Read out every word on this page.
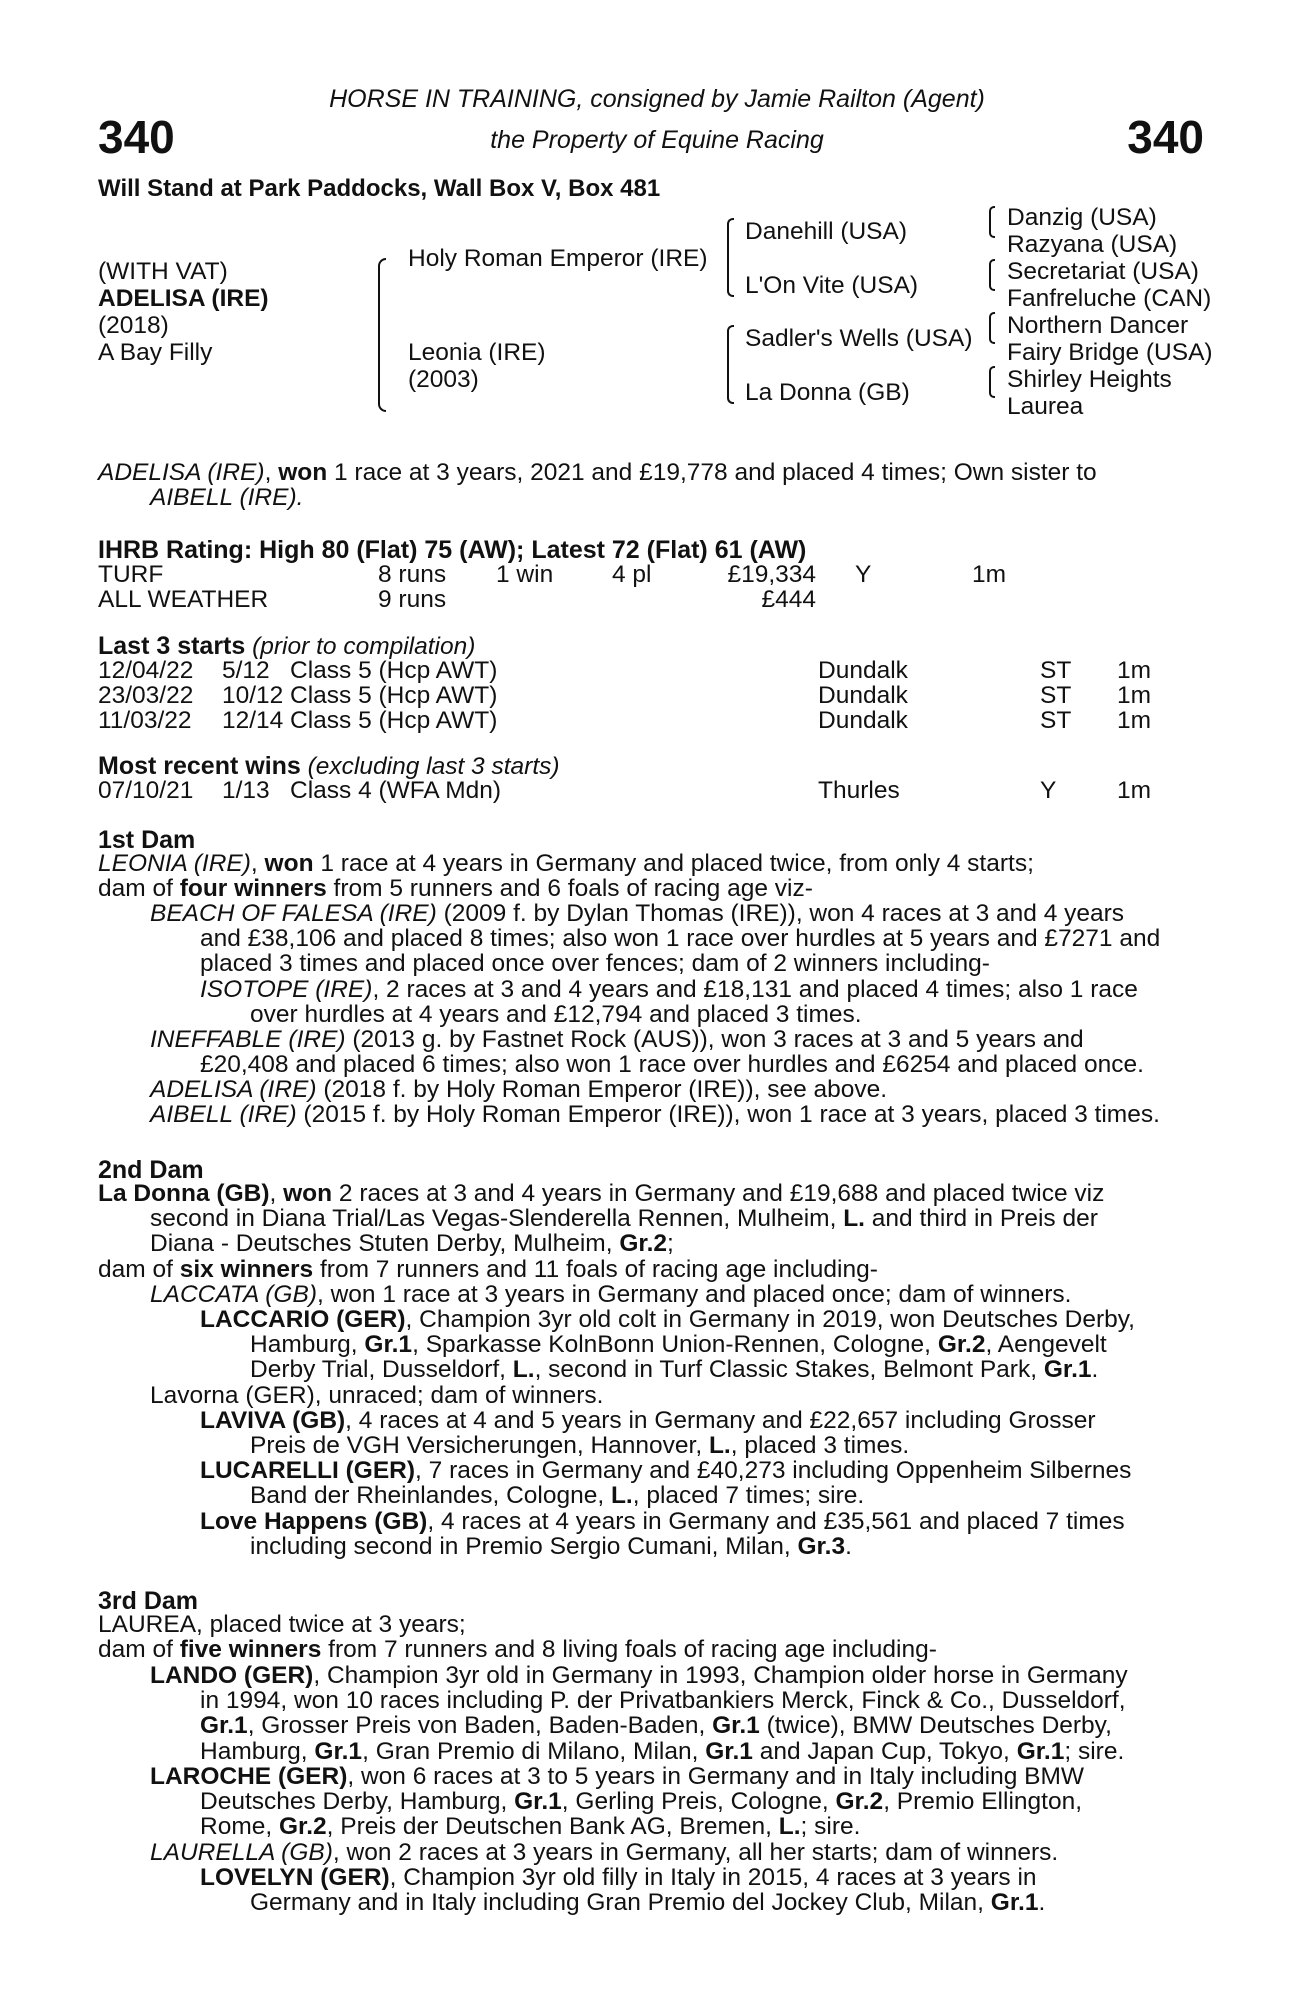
340	340
HORSE IN TRAINING, consigned by Jamie Railton (Agent)
the Property of Equine Racing
Will Stand at Park Paddocks, Wall Box V, Box 481
(WITH VAT)
ADELISA (IRE)
(2018)
A Bay Filly
Holy Roman Emperor (IRE)
Leonia (IRE)
(2003)
Danehill (USA)
L'On Vite (USA)
Sadler's Wells (USA)
La Donna (GB)
Danzig (USA)
Razyana (USA)
Secretariat (USA)
Fanfreluche (CAN)
Northern Dancer
Fairy Bridge (USA)
Shirley Heights
Laurea
ADELISA (IRE), won 1 race at 3 years, 2021 and £19,778 and placed 4 times; Own sister to
AIBELL (IRE).
IHRB Rating: High 80 (Flat) 75 (AW); Latest 72 (Flat) 61 (AW)
TURF	8 runs 1 win 4 pl	£19,334 Y	1m
ALL WEATHER	9 runs	£444
Last 3 starts (prior to compilation)
12/04/22 5/12 Class 5 (Hcp AWT)	Dundalk	ST 1m
23/03/22 10/12 Class 5 (Hcp AWT)	Dundalk	ST 1m
11/03/22 12/14 Class 5 (Hcp AWT)	Dundalk	ST 1m
Most recent wins (excluding last 3 starts)
07/10/21 1/13 Class 4 (WFA Mdn)	Thurles	Y 1m
1st Dam
LEONIA (IRE), won 1 race at 4 years in Germany and placed twice, from only 4 starts;
dam of four winners from 5 runners and 6 foals of racing age viz-
BEACH OF FALESA (IRE) (2009 f. by Dylan Thomas (IRE)), won 4 races at 3 and 4 years
and £38,106 and placed 8 times; also won 1 race over hurdles at 5 years and £7271 and
placed 3 times and placed once over fences; dam of 2 winners including-
ISOTOPE (IRE), 2 races at 3 and 4 years and £18,131 and placed 4 times; also 1 race
over hurdles at 4 years and £12,794 and placed 3 times.
INEFFABLE (IRE) (2013 g. by Fastnet Rock (AUS)), won 3 races at 3 and 5 years and
£20,408 and placed 6 times; also won 1 race over hurdles and £6254 and placed once.
ADELISA (IRE) (2018 f. by Holy Roman Emperor (IRE)), see above.
AIBELL (IRE) (2015 f. by Holy Roman Emperor (IRE)), won 1 race at 3 years, placed 3 times.
2nd Dam
La Donna (GB), won 2 races at 3 and 4 years in Germany and £19,688 and placed twice viz
second in Diana Trial/Las Vegas-Slenderella Rennen, Mulheim, L. and third in Preis der
Diana - Deutsches Stuten Derby, Mulheim, Gr.2;
dam of six winners from 7 runners and 11 foals of racing age including-
LACCATA (GB), won 1 race at 3 years in Germany and placed once; dam of winners.
LACCARIO (GER), Champion 3yr old colt in Germany in 2019, won Deutsches Derby,
Hamburg, Gr.1, Sparkasse KolnBonn Union-Rennen, Cologne, Gr.2, Aengevelt
Derby Trial, Dusseldorf, L., second in Turf Classic Stakes, Belmont Park, Gr.1.
Lavorna (GER), unraced; dam of winners.
LAVIVA (GB), 4 races at 4 and 5 years in Germany and £22,657 including Grosser
Preis de VGH Versicherungen, Hannover, L., placed 3 times.
LUCARELLI (GER), 7 races in Germany and £40,273 including Oppenheim Silbernes
Band der Rheinlandes, Cologne, L., placed 7 times; sire.
Love Happens (GB), 4 races at 4 years in Germany and £35,561 and placed 7 times
including second in Premio Sergio Cumani, Milan, Gr.3.
3rd Dam
LAUREA, placed twice at 3 years;
dam of five winners from 7 runners and 8 living foals of racing age including-
LANDO (GER), Champion 3yr old in Germany in 1993, Champion older horse in Germany
in 1994, won 10 races including P. der Privatbankiers Merck, Finck & Co., Dusseldorf,
Gr.1, Grosser Preis von Baden, Baden-Baden, Gr.1 (twice), BMW Deutsches Derby,
Hamburg, Gr.1, Gran Premio di Milano, Milan, Gr.1 and Japan Cup, Tokyo, Gr.1; sire.
LAROCHE (GER), won 6 races at 3 to 5 years in Germany and in Italy including BMW
Deutsches Derby, Hamburg, Gr.1, Gerling Preis, Cologne, Gr.2, Premio Ellington,
Rome, Gr.2, Preis der Deutschen Bank AG, Bremen, L.; sire.
LAURELLA (GB), won 2 races at 3 years in Germany, all her starts; dam of winners.
LOVELYN (GER), Champion 3yr old filly in Italy in 2015, 4 races at 3 years in
Germany and in Italy including Gran Premio del Jockey Club, Milan, Gr.1.
